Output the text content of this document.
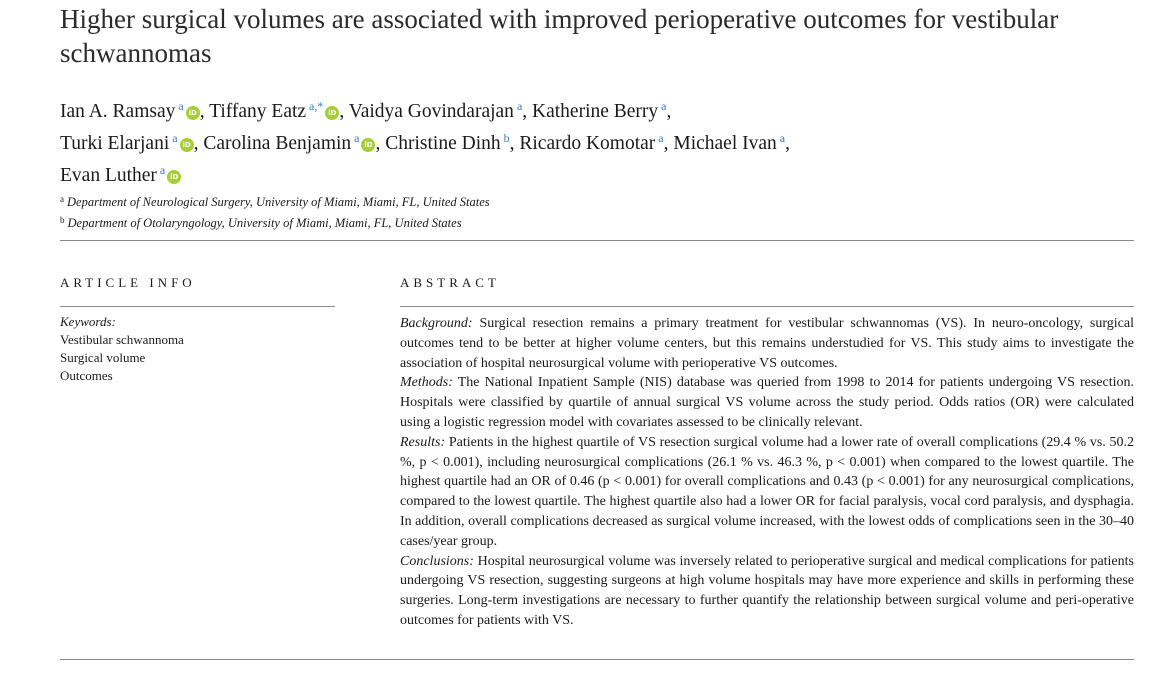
Higher surgical volumes are associated with improved perioperative outcomes for vestibular schwannomas
Ian A. Ramsay $^a$ iD , Tiffany Eatz $^{a,*}$ iD , Vaidya Govindarajan $^a$, Katherine Berry $^a$,
Turki Elarjani $^a$ iD , Carolina Benjamin $^a$ iD , Christine Dinh $^b$, Ricardo Komotar $^a$, Michael Ivan $^a$,
Evan Luther $^a$ iD
$^a$ Department of Neurological Surgery, University of Miami, Miami, FL, United States
$^b$ Department of Otolaryngology, University of Miami, Miami, FL, United States
ARTICLE INFO	ABSTRACT
Keywords:
Vestibular schwannoma
Surgical volume
Outcomes

Background: Surgical resection remains a primary treatment for vestibular schwannomas (VS). In neuro-oncology, surgical outcomes tend to be better at higher volume centers, but this remains understudied for VS. This study aims to investigate the association of hospital neurosurgical volume with perioperative VS outcomes.

Methods: The National Inpatient Sample (NIS) database was queried from 1998 to 2014 for patients undergoing VS resection. Hospitals were classified by quartile of annual surgical VS volume across the study period. Odds ratios (OR) were calculated using a logistic regression model with covariates assessed to be clinically relevant.

Results: Patients in the highest quartile of VS resection surgical volume had a lower rate of overall complications (29.4 % vs. 50.2 %, p < 0.001), including neurosurgical complications (26.1 % vs. 46.3 %, p < 0.001) when compared to the lowest quartile. The highest quartile had an OR of 0.46 (p < 0.001) for overall complications and 0.43 (p < 0.001) for any neurosurgical complications, compared to the lowest quartile. The highest quartile also had a lower OR for facial paralysis, vocal cord paralysis, and dysphagia. In addition, overall complications decreased as surgical volume increased, with the lowest odds of complications seen in the 30–40 cases/year group.

Conclusions: Hospital neurosurgical volume was inversely related to perioperative surgical and medical complications for patients undergoing VS resection, suggesting surgeons at high volume hospitals may have more experience and skills in performing these surgeries. Long-term investigations are necessary to further quantify the relationship between surgical volume and peri-operative outcomes for patients with VS.
